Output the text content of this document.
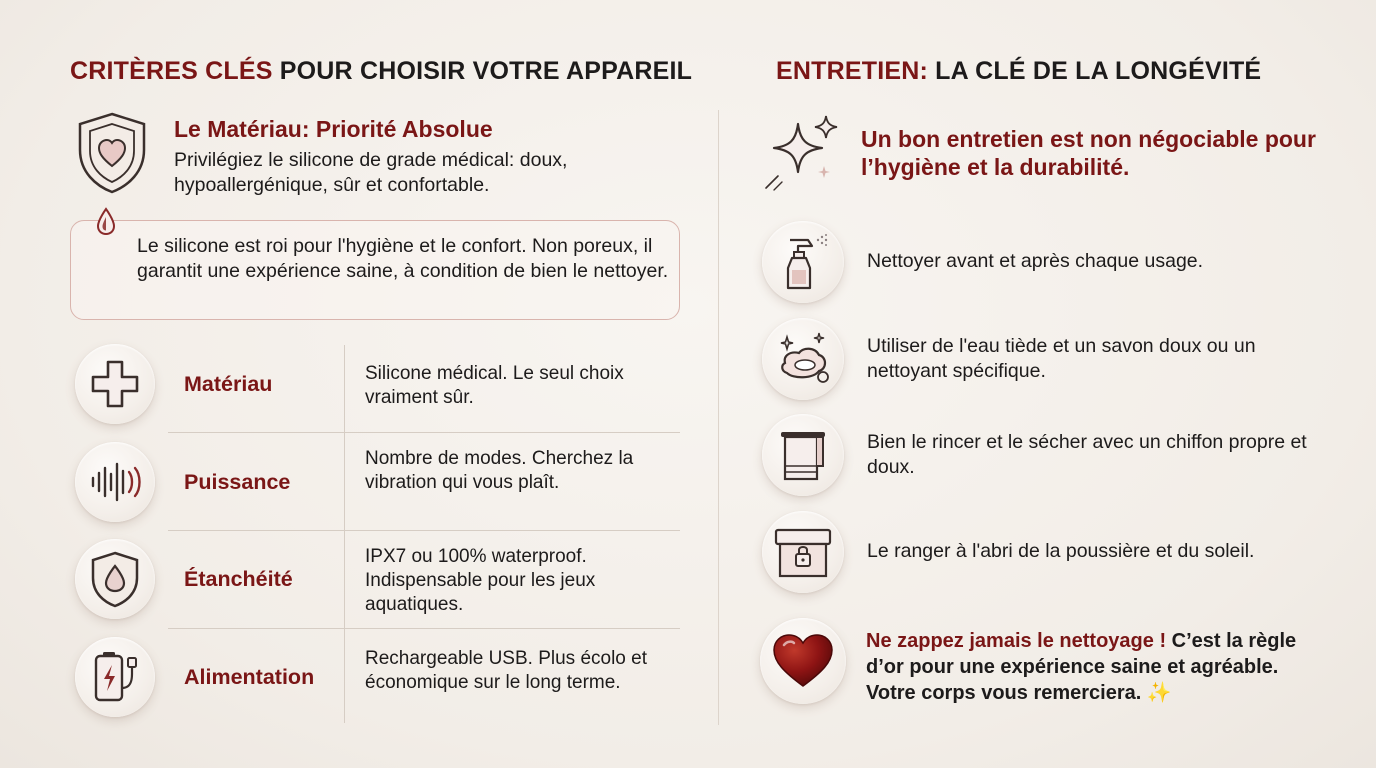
CRITÈRES CLÉS POUR CHOISIR VOTRE APPAREIL	ENTRETIEN: LA CLÉ DE LA LONGÉVITÉ
Le Matériau: Priorité Absolue
Privilégiez le silicone de grade médical: doux, hypoallergénique, sûr et confortable.
Le silicone est roi pour l'hygiène et le confort. Non poreux, il garantit une expérience saine, à condition de bien le nettoyer.
Matériau	Silicone médical. Le seul choix vraiment sûr.
Puissance
Nombre de modes. Cherchez la vibration qui vous plaît.
Étanchéité
IPX7 ou 100% waterproof. Indispensable pour les jeux aquatiques.
Alimentation
Rechargeable USB. Plus écolo et économique sur le long terme.
Un bon entretien est non négociable pour l’hygiène et la durabilité.
Nettoyer avant et après chaque usage.
Utiliser de l'eau tiède et un savon doux ou un nettoyant spécifique.
Bien le rincer et le sécher avec un chiffon propre et doux.
Le ranger à l'abri de la poussière et du soleil.
Ne zappez jamais le nettoyage ! C’est la règle d’or pour une expérience saine et agréable. Votre corps vous remerciera. ✨
